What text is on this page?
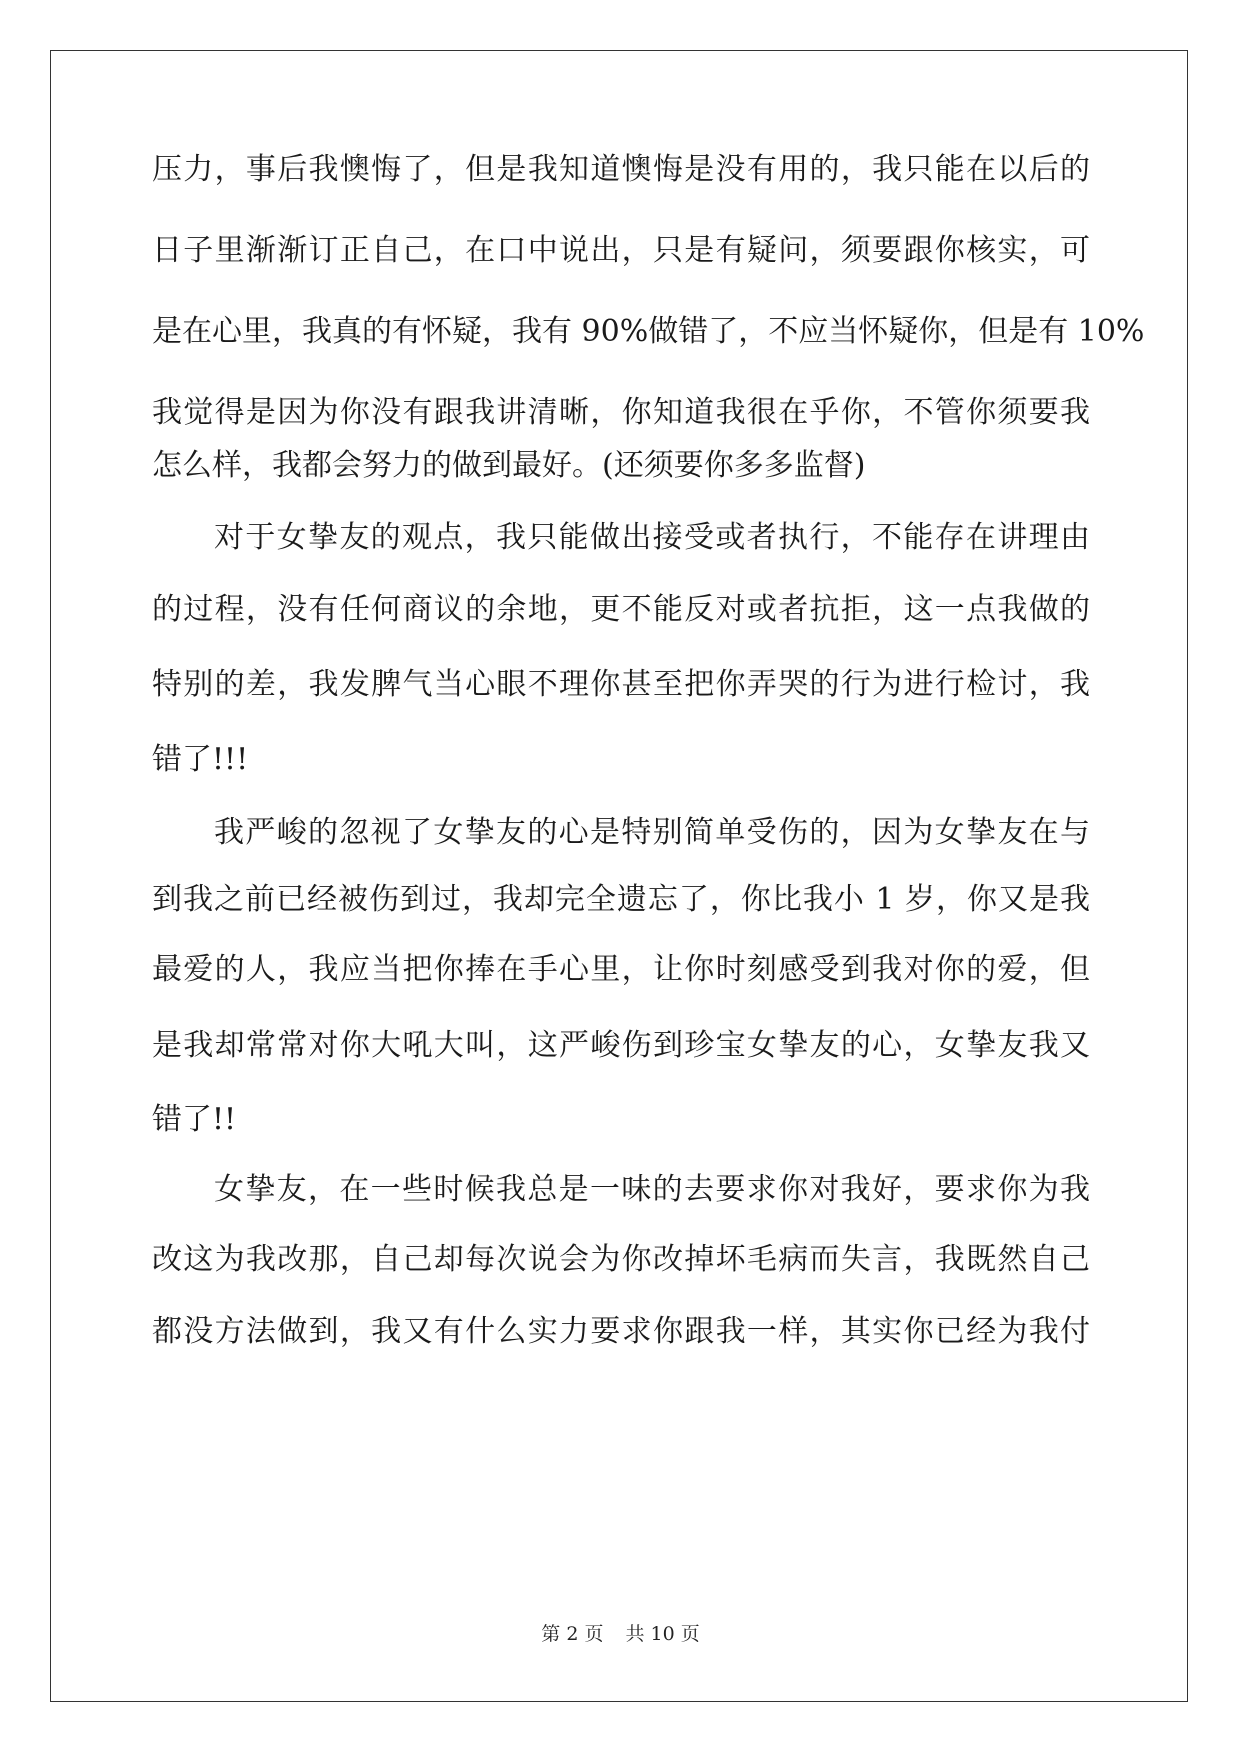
压力，事后我懊悔了，但是我知道懊悔是没有用的，我只能在以后的
日子里渐渐订正自己，在口中说出，只是有疑问，须要跟你核实，可
是在心里，我真的有怀疑，我有 90%做错了，不应当怀疑你，但是有 10%
我觉得是因为你没有跟我讲清晰，你知道我很在乎你，不管你须要我
怎么样，我都会努力的做到最好。(还须要你多多监督)
对于女挚友的观点，我只能做出接受或者执行，不能存在讲理由
的过程，没有任何商议的余地，更不能反对或者抗拒，这一点我做的
特别的差，我发脾气当心眼不理你甚至把你弄哭的行为进行检讨，我
错了!!!
我严峻的忽视了女挚友的心是特别简单受伤的，因为女挚友在与
到我之前已经被伤到过，我却完全遗忘了，你比我小 1 岁，你又是我
最爱的人，我应当把你捧在手心里，让你时刻感受到我对你的爱，但
是我却常常对你大吼大叫，这严峻伤到珍宝女挚友的心，女挚友我又
错了!!
女挚友，在一些时候我总是一味的去要求你对我好，要求你为我
改这为我改那，自己却每次说会为你改掉坏毛病而失言，我既然自己
都没方法做到，我又有什么实力要求你跟我一样，其实你已经为我付
第 2 页 共 10 页
